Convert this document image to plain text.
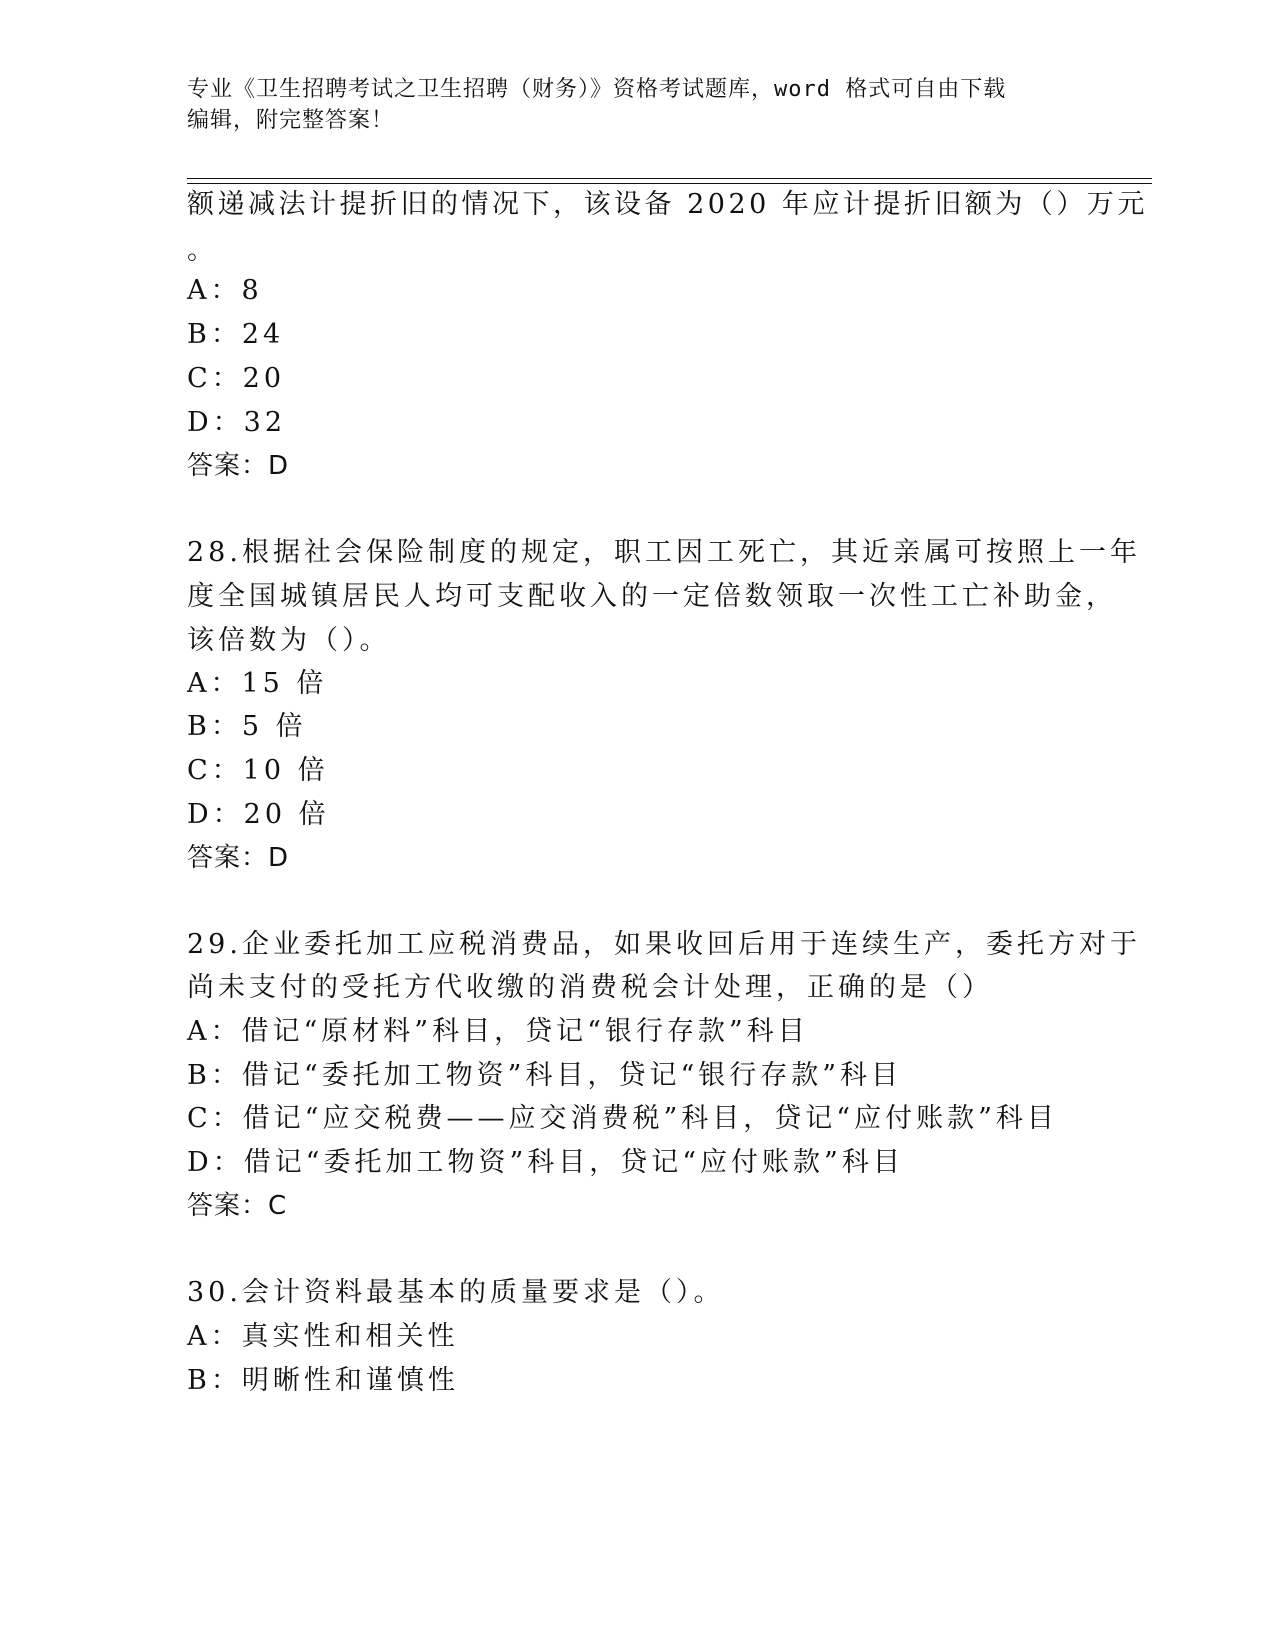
专业《卫生招聘考试之卫生招聘（财务）》资格考试题库，word 格式可自由下载
编辑，附完整答案！
额递减法计提折旧的情况下，该设备 2020 年应计提折旧额为（）万元
。
A：8
B：24
C：20
D：32
答案：D
28.根据社会保险制度的规定，职工因工死亡，其近亲属可按照上一年
度全国城镇居民人均可支配收入的一定倍数领取一次性工亡补助金，
该倍数为（）。
A：15 倍
B：5 倍
C：10 倍
D：20 倍
答案：D
29.企业委托加工应税消费品，如果收回后用于连续生产，委托方对于
尚未支付的受托方代收缴的消费税会计处理，正确的是（）
A：借记“原材料”科目，贷记“银行存款”科目
B：借记“委托加工物资”科目，贷记“银行存款”科目
C：借记“应交税费——应交消费税”科目，贷记“应付账款”科目
D：借记“委托加工物资”科目，贷记“应付账款”科目
答案：C
30.会计资料最基本的质量要求是（）。
A：真实性和相关性
B：明晰性和谨慎性
